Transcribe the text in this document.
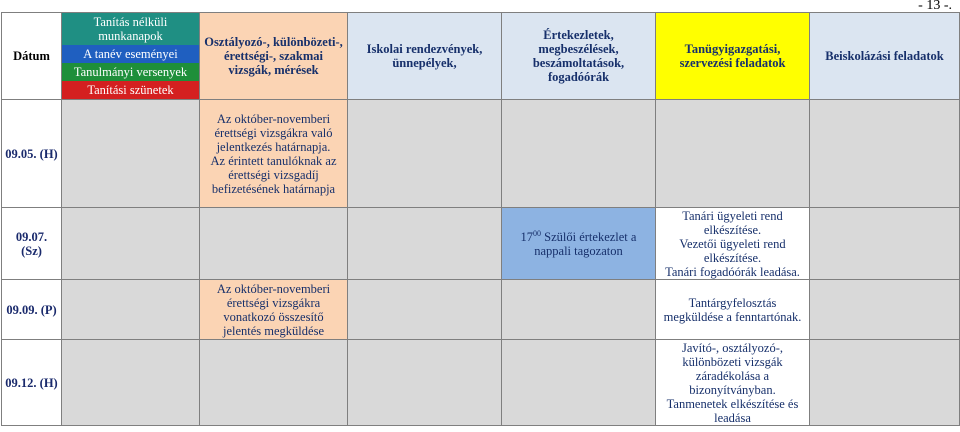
- 13 -.
Dátum	Tanítás nélküli munkanapok
A tanév eseményei
Tanulmányi versenyek
Tanítási szünetek	Osztályozó-, különbözeti-, érettségi-, szakmai vizsgák, mérések	Iskolai rendezvények, ünnepélyek,	Értekezletek, megbeszélések, beszámoltatások, fogadóórák	Tanügyigazgatási, szervezési feladatok	Beiskolázási feladatok
09.05. (H)		Az október-novemberi érettségi vizsgákra való jelentkezés határnapja.
Az érintett tanulóknak az érettségi vizsgadíj befizetésének határnapja				
09.07. (Sz)				$17^{00}$ Szülői értekezlet a nappali tagozaton	Tanári ügyeleti rend elkészítése.
Vezetői ügyeleti rend elkészítése.
Tanári fogadóórák leadása.	
09.09. (P)		Az október-novemberi érettségi vizsgákra vonatkozó összesítő jelentés megküldése			Tantárgyfelosztás megküldése a fenntartónak.	
09.12. (H)					Javító-, osztályozó-, különbözeti vizsgák záradékolása a bizonyítványban.
Tanmenetek elkészítése és leadása	
